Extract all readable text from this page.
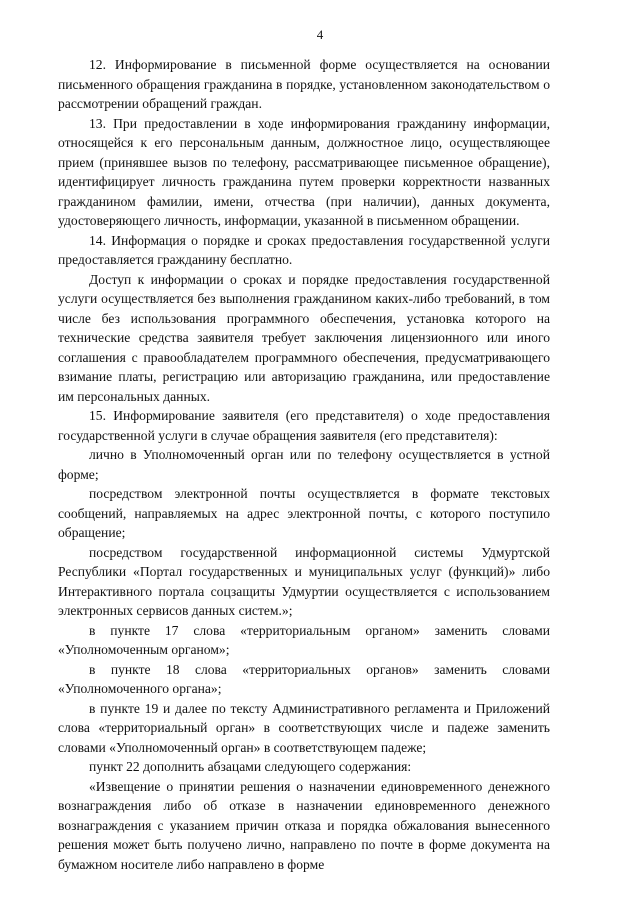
4

12. Информирование в письменной форме осуществляется на основании письменного обращения гражданина в порядке, установленном законодательством о рассмотрении обращений граждан.

13. При предоставлении в ходе информирования гражданину информации, относящейся к его персональным данным, должностное лицо, осуществляющее прием (принявшее вызов по телефону, рассматривающее письменное обращение), идентифицирует личность гражданина путем проверки корректности названных гражданином фамилии, имени, отчества (при наличии), данных документа, удостоверяющего личность, информации, указанной в письменном обращении.

14. Информация о порядке и сроках предоставления государственной услуги предоставляется гражданину бесплатно.

Доступ к информации о сроках и порядке предоставления государственной услуги осуществляется без выполнения гражданином каких-либо требований, в том числе без использования программного обеспечения, установка которого на технические средства заявителя требует заключения лицензионного или иного соглашения с правообладателем программного обеспечения, предусматривающего взимание платы, регистрацию или авторизацию гражданина, или предоставление им персональных данных.

15. Информирование заявителя (его представителя) о ходе предоставления государственной услуги в случае обращения заявителя (его представителя):

лично в Уполномоченный орган или по телефону осуществляется в устной форме;

посредством электронной почты осуществляется в формате текстовых сообщений, направляемых на адрес электронной почты, с которого поступило обращение;

посредством государственной информационной системы Удмуртской Республики «Портал государственных и муниципальных услуг (функций)» либо Интерактивного портала соцзащиты Удмуртии осуществляется с использованием электронных сервисов данных систем.»;

в пункте 17 слова «территориальным органом» заменить словами «Уполномоченным органом»;

в пункте 18 слова «территориальных органов» заменить словами «Уполномоченного органа»;

в пункте 19 и далее по тексту Административного регламента и Приложений слова «территориальный орган» в соответствующих числе и падеже заменить словами «Уполномоченный орган» в соответствующем падеже;

пункт 22 дополнить абзацами следующего содержания:

«Извещение о принятии решения о назначении единовременного денежного вознаграждения либо об отказе в назначении единовременного денежного вознаграждения с указанием причин отказа и порядка обжалования вынесенного решения может быть получено лично, направлено по почте в форме документа на бумажном носителе либо направлено в форме
